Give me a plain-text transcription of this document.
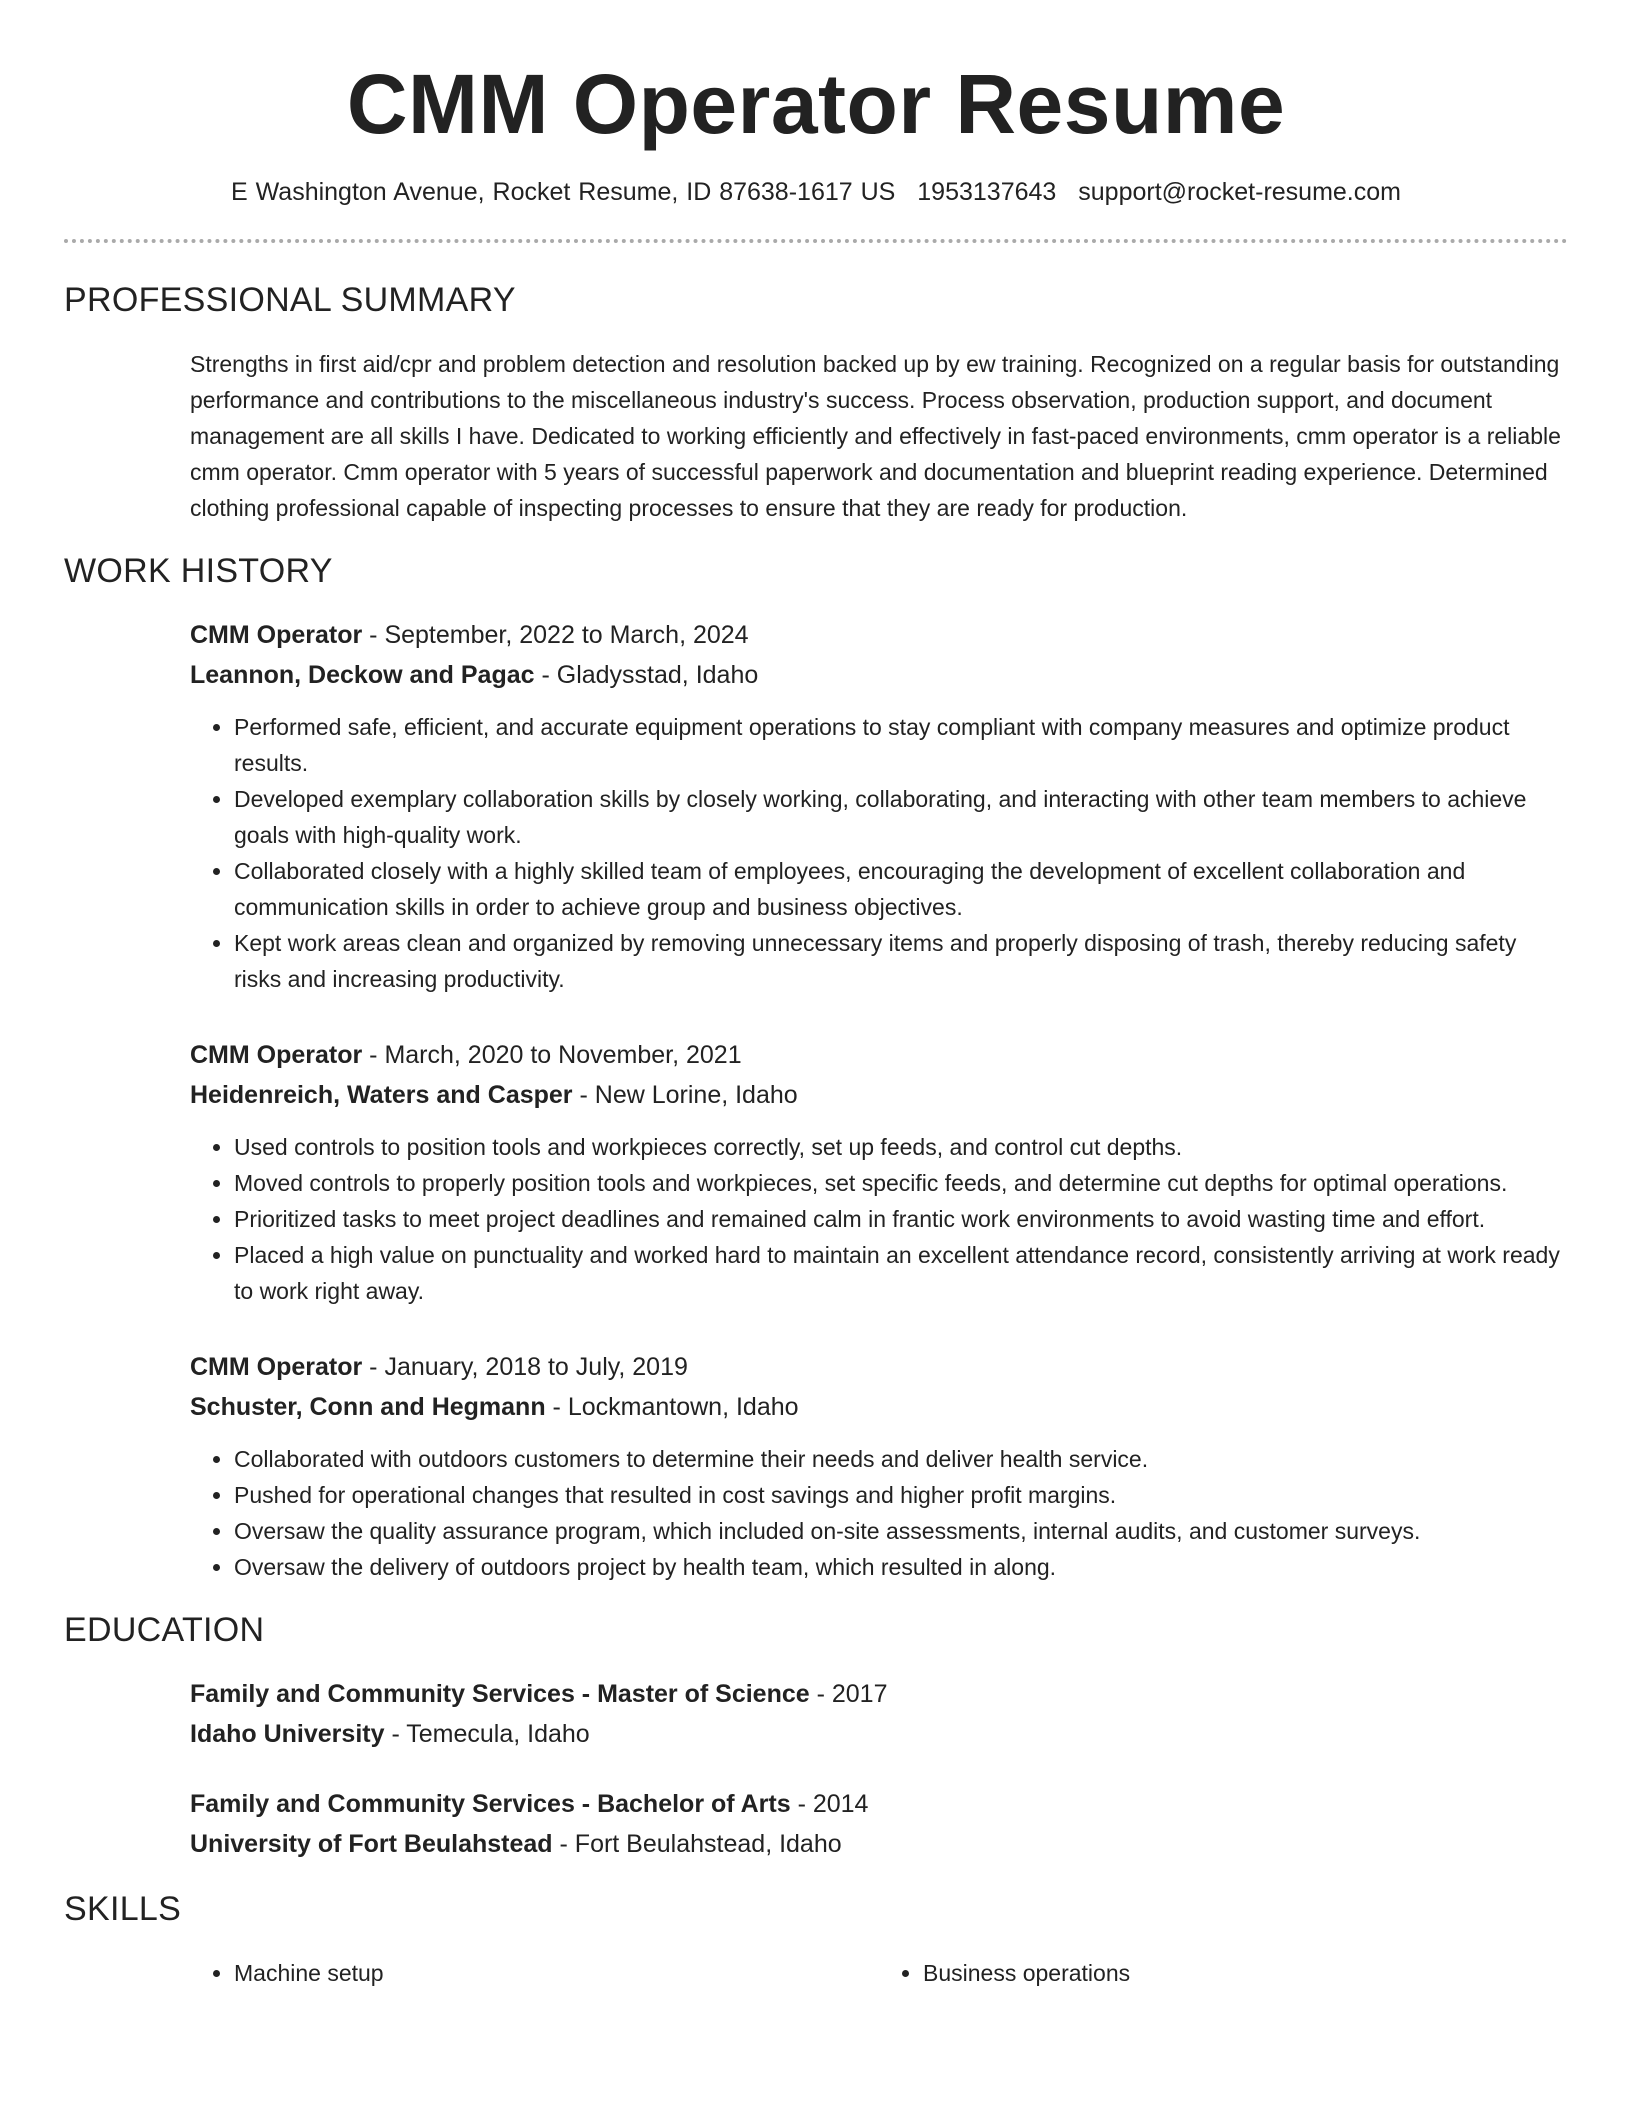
CMM Operator Resume
E Washington Avenue, Rocket Resume, ID 87638-1617 US 1953137643 support@rocket-resume.com
PROFESSIONAL SUMMARY

Strengths in first aid/cpr and problem detection and resolution backed up by ew training. Recognized on a regular basis for outstanding performance and contributions to the miscellaneous industry's success. Process observation, production support, and document management are all skills I have. Dedicated to working efficiently and effectively in fast-paced environments, cmm operator is a reliable cmm operator. Cmm operator with 5 years of successful paperwork and documentation and blueprint reading experience. Determined clothing professional capable of inspecting processes to ensure that they are ready for production.

WORK HISTORY
CMM Operator - September, 2022 to March, 2024
Leannon, Deckow and Pagac - Gladysstad, Idaho
• Performed safe, efficient, and accurate equipment operations to stay compliant with company measures and optimize product results.
• Developed exemplary collaboration skills by closely working, collaborating, and interacting with other team members to achieve goals with high-quality work.
• Collaborated closely with a highly skilled team of employees, encouraging the development of excellent collaboration and communication skills in order to achieve group and business objectives.
• Kept work areas clean and organized by removing unnecessary items and properly disposing of trash, thereby reducing safety risks and increasing productivity.
CMM Operator - March, 2020 to November, 2021
Heidenreich, Waters and Casper - New Lorine, Idaho
• Used controls to position tools and workpieces correctly, set up feeds, and control cut depths.
• Moved controls to properly position tools and workpieces, set specific feeds, and determine cut depths for optimal operations.
• Prioritized tasks to meet project deadlines and remained calm in frantic work environments to avoid wasting time and effort.
• Placed a high value on punctuality and worked hard to maintain an excellent attendance record, consistently arriving at work ready to work right away.
CMM Operator - January, 2018 to July, 2019
Schuster, Conn and Hegmann - Lockmantown, Idaho
• Collaborated with outdoors customers to determine their needs and deliver health service.
• Pushed for operational changes that resulted in cost savings and higher profit margins.
• Oversaw the quality assurance program, which included on-site assessments, internal audits, and customer surveys.
• Oversaw the delivery of outdoors project by health team, which resulted in along.
EDUCATION
Family and Community Services - Master of Science - 2017
Idaho University - Temecula, Idaho
Family and Community Services - Bachelor of Arts - 2014
University of Fort Beulahstead - Fort Beulahstead, Idaho
SKILLS
• Machine setup
•	Business operations
